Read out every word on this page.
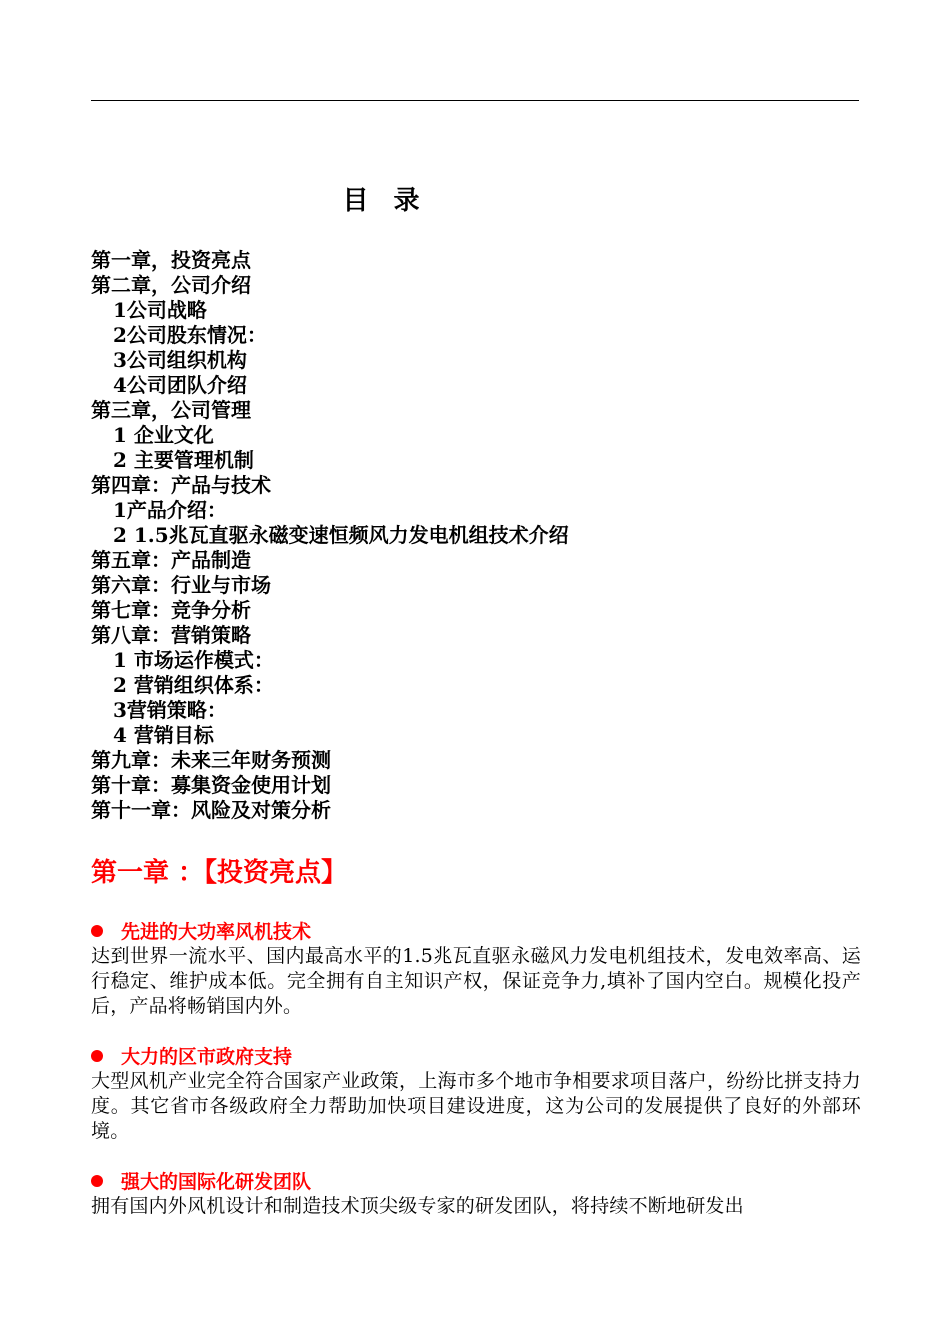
目 录
第一章，投资亮点
第二章，公司介绍
1公司战略
2公司股东情况：
3公司组织机构
4公司团队介绍
第三章，公司管理
1 企业文化
2 主要管理机制
第四章：产品与技术
1产品介绍：
2 1.5兆瓦直驱永磁变速恒频风力发电机组技术介绍
第五章：产品制造
第六章：行业与市场
第七章：竞争分析
第八章：营销策略
1 市场运作模式：
2 营销组织体系：
3营销策略：
4 营销目标
第九章：未来三年财务预测
第十章：募集资金使用计划
第十一章：风险及对策分析
第一章 ：【投资亮点】
先进的大功率风机技术

达到世界一流水平、国内最高水平的1.5兆瓦直驱永磁风力发电机组技术，发电效率高、运行稳定、维护成本低。完全拥有自主知识产权，保证竞争力,填补了国内空白。规模化投产后，产品将畅销国内外。

大力的区市政府支持

大型风机产业完全符合国家产业政策，上海市多个地市争相要求项目落户，纷纷比拼支持力度。其它省市各级政府全力帮助加快项目建设进度，这为公司的发展提供了良好的外部环境。

强大的国际化研发团队

拥有国内外风机设计和制造技术顶尖级专家的研发团队，将持续不断地研发出
